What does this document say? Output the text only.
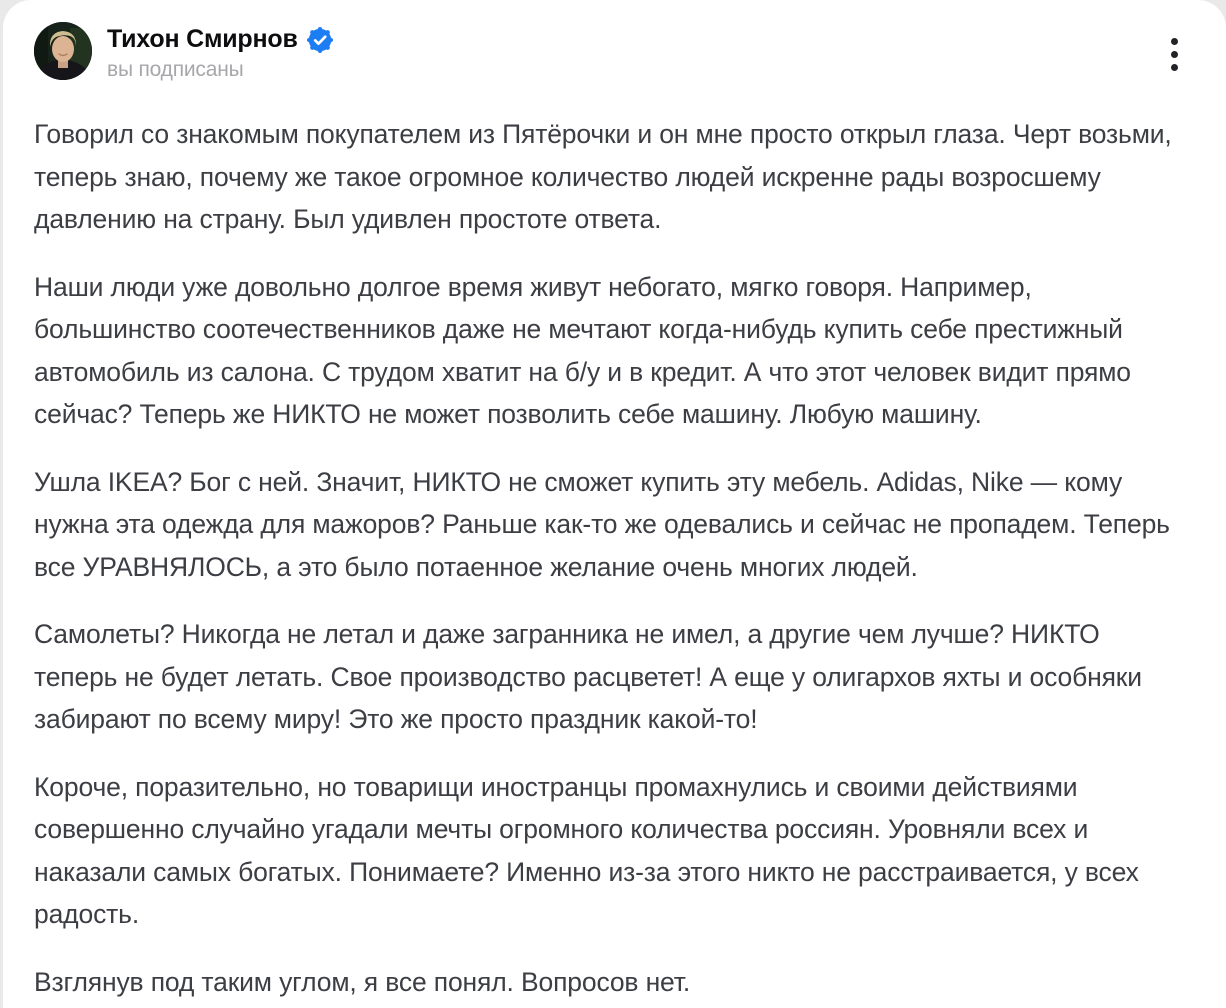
Тихон Смирнов
вы подписаны

Говорил со знакомым покупателем из Пятёрочки и он мне просто открыл глаза. Черт возьми, теперь знаю, почему же такое огромное количество людей искренне рады возросшему давлению на страну. Был удивлен простоте ответа.

Наши люди уже довольно долгое время живут небогато, мягко говоря. Например, большинство соотечественников даже не мечтают когда-нибудь купить себе престижный автомобиль из салона. С трудом хватит на б/у и в кредит. А что этот человек видит прямо сейчас? Теперь же НИКТО не может позволить себе машину. Любую машину.

Ушла IKEA? Бог с ней. Значит, НИКТО не сможет купить эту мебель. Adidas, Nike — кому нужна эта одежда для мажоров? Раньше как-то же одевались и сейчас не пропадем. Теперь все УРАВНЯЛОСЬ, а это было потаенное желание очень многих людей.

Самолеты? Никогда не летал и даже загранника не имел, а другие чем лучше? НИКТО теперь не будет летать. Свое производство расцветет! А еще у олигархов яхты и особняки забирают по всему миру! Это же просто праздник какой-то!

Короче, поразительно, но товарищи иностранцы промахнулись и своими действиями совершенно случайно угадали мечты огромного количества россиян. Уровняли всех и наказали самых богатых. Понимаете? Именно из-за этого никто не расстраивается, у всех радость.

Взглянув под таким углом, я все понял. Вопросов нет.
